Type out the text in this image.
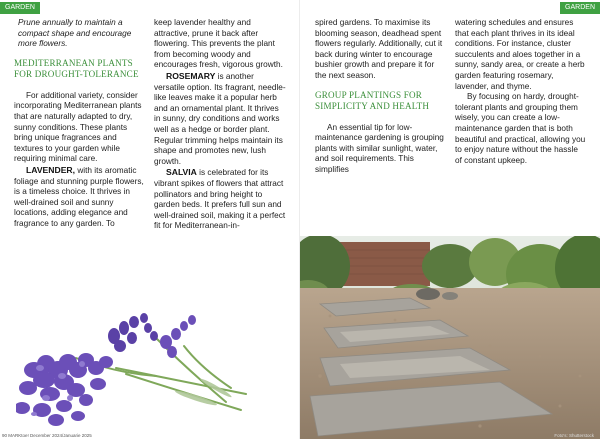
GARDEN

Prune annually to maintain a compact shape and encourage more flowers.

MEDITERRANEAN PLANTS FOR DROUGHT-TOLERANCE

For additional variety, consider incorporating Mediterranean plants that are naturally adapted to dry, sunny conditions. These plants bring unique fragrances and textures to your garden while requiring minimal care.

LAVENDER, with its aromatic foliage and stunning purple flowers, is a timeless choice. It thrives in well-drained soil and sunny locations, adding elegance and fragrance to any garden. To

keep lavender healthy and attractive, prune it back after flowering. This prevents the plant from becoming woody and encourages fresh, vigorous growth.

ROSEMARY is another versatile option. Its fragrant, needle-like leaves make it a popular herb and an ornamental plant. It thrives in sunny, dry conditions and works well as a hedge or border plant. Regular trimming helps maintain its shape and promotes new, lush growth.

SALVIA is celebrated for its vibrant spikes of flowers that attract pollinators and bring height to garden beds. It prefers full sun and well-drained soil, making it a perfect fit for Mediterranean-in-

90 MARKtoe! December 2024/Januarie 2025
GARDEN

spired gardens. To maximise its blooming season, deadhead spent flowers regularly. Additionally, cut it back during winter to encourage bushier growth and prepare it for the next season.

GROUP PLANTINGS FOR SIMPLICITY AND HEALTH

An essential tip for low-maintenance gardening is grouping plants with similar sunlight, water, and soil requirements. This simplifies

watering schedules and ensures that each plant thrives in its ideal conditions. For instance, cluster succulents and aloes together in a sunny, sandy area, or create a herb garden featuring rosemary, lavender, and thyme.

By focusing on hardy, drought-tolerant plants and grouping them wisely, you can create a low-maintenance garden that is both beautiful and practical, allowing you to enjoy nature without the hassle of constant upkeep.

Foto's: Shutterstock
